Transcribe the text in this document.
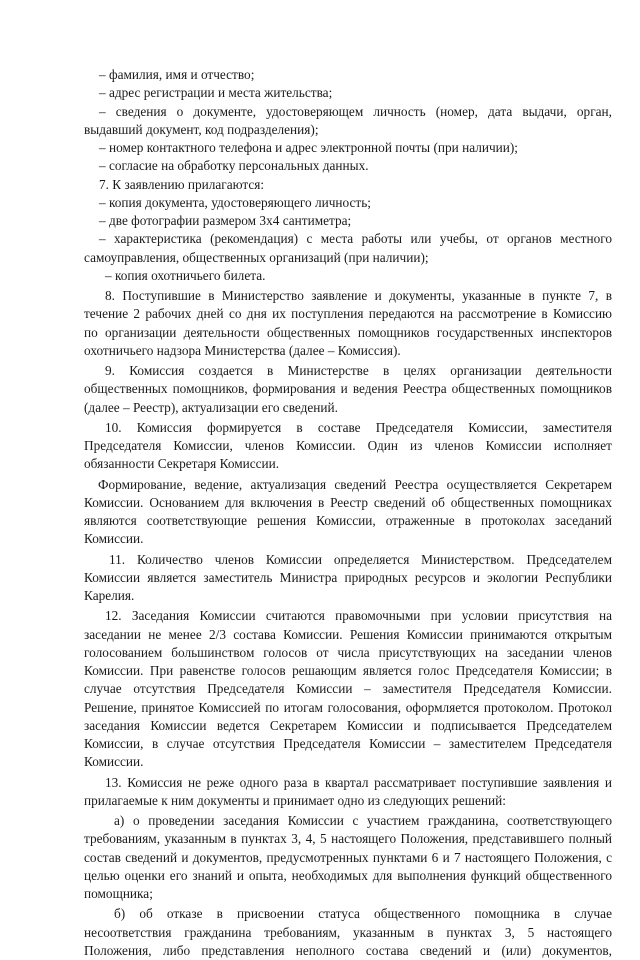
– фамилия, имя и отчество;
– адрес регистрации и места жительства;
– сведения о документе, удостоверяющем личность (номер, дата выдачи, орган,
выдавший документ, код подразделения);
– номер контактного телефона и адрес электронной почты (при наличии);
– согласие на обработку персональных данных.
7. К заявлению прилагаются:
– копия документа, удостоверяющего личность;
– две фотографии размером 3х4 сантиметра;
– характеристика (рекомендация) с места работы или учебы, от органов местного
самоуправления, общественных организаций (при наличии);
– копия охотничьего билета.
8. Поступившие в Министерство заявление и документы, указанные в пункте 7, в
течение 2 рабочих дней со дня их поступления передаются на рассмотрение в Комиссию
по организации деятельности общественных помощников государственных инспекторов
охотничьего надзора Министерства (далее – Комиссия).
9. Комиссия создается в Министерстве в целях организации деятельности
общественных помощников, формирования и ведения Реестра общественных помощников
(далее – Реестр), актуализации его сведений.
10. Комиссия формируется в составе Председателя Комиссии, заместителя
Председателя Комиссии, членов Комиссии. Один из членов Комиссии исполняет
обязанности Секретаря Комиссии.
Формирование, ведение, актуализация сведений Реестра осуществляется Секретарем
Комиссии. Основанием для включения в Реестр сведений об общественных помощниках
являются соответствующие решения Комиссии, отраженные в протоколах заседаний
Комиссии.
11. Количество членов Комиссии определяется Министерством. Председателем
Комиссии является заместитель Министра природных ресурсов и экологии Республики
Карелия.
12. Заседания Комиссии считаются правомочными при условии присутствия на
заседании не менее 2/3 состава Комиссии. Решения Комиссии принимаются открытым
голосованием большинством голосов от числа присутствующих на заседании членов
Комиссии. При равенстве голосов решающим является голос Председателя Комиссии; в
случае отсутствия Председателя Комиссии – заместителя Председателя Комиссии.
Решение, принятое Комиссией по итогам голосования, оформляется протоколом. Протокол
заседания Комиссии ведется Секретарем Комиссии и подписывается Председателем
Комиссии, в случае отсутствия Председателя Комиссии – заместителем Председателя
Комиссии.
13. Комиссия не реже одного раза в квартал рассматривает поступившие заявления и
прилагаемые к ним документы и принимает одно из следующих решений:
а) о проведении заседания Комиссии с участием гражданина, соответствующего
требованиям, указанным в пунктах 3, 4, 5 настоящего Положения, представившего полный
состав сведений и документов, предусмотренных пунктами 6 и 7 настоящего Положения, с
целью оценки его знаний и опыта, необходимых для выполнения функций общественного
помощника;
б) об отказе в присвоении статуса общественного помощника в случае
несоответствия гражданина требованиям, указанным в пунктах 3, 5 настоящего
Положения, либо представления неполного состава сведений и (или) документов,
